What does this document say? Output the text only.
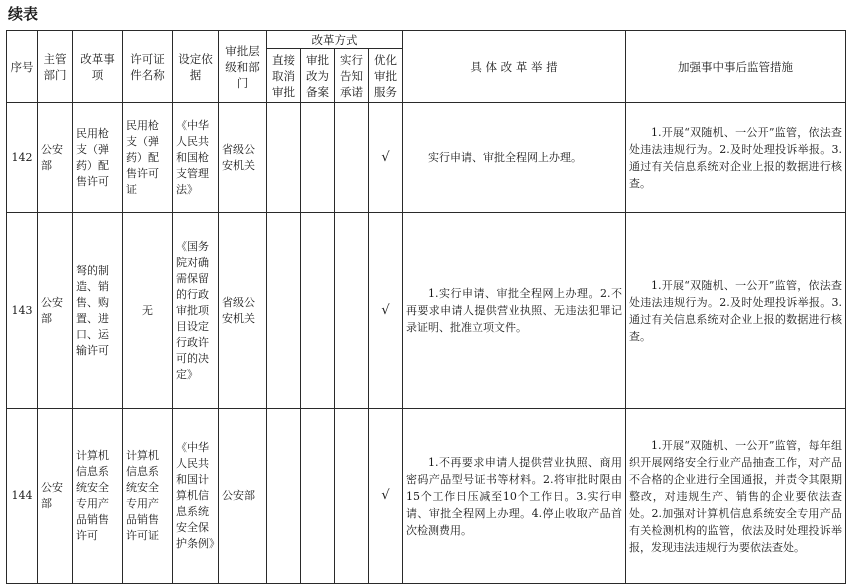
续表
序号	主管部门	改革事项	许可证件名称	设定依据	审批层级和部门	改革方式				具 体 改 革 举 措	加强事中事后监管措施
						直接取消审批	审批改为备案	实行告知承诺	优化审批服务		
142	公安部	民用枪支（弹药）配售许可	民用枪支（弹药）配售许可证	《中华人民共和国枪支管理法》	省级公安机关				√	实行申请、审批全程网上办理。	1.开展“双随机、一公开”监管，依法查处违法违规行为。2.及时处理投诉举报。3.通过有关信息系统对企业上报的数据进行核查。
143	公安部	弩的制造、销售、购置、进口、运输许可	无	《国务院对确需保留的行政审批项目设定行政许可的决定》	省级公安机关				√	1.实行申请、审批全程网上办理。2.不再要求申请人提供营业执照、无违法犯罪记录证明、批准立项文件。	1.开展“双随机、一公开”监管，依法查处违法违规行为。2.及时处理投诉举报。3.通过有关信息系统对企业上报的数据进行核查。
144	公安部	计算机信息系统安全专用产品销售许可	计算机信息系统安全专用产品销售许可证	《中华人民共和国计算机信息系统安全保护条例》	公安部				√	1.不再要求申请人提供营业执照、商用密码产品型号证书等材料。2.将审批时限由15个工作日压减至10个工作日。3.实行申请、审批全程网上办理。4.停止收取产品首次检测费用。	1.开展“双随机、一公开”监管，每年组织开展网络安全行业产品抽查工作，对产品不合格的企业进行全国通报，并责令其限期整改，对违规生产、销售的企业要依法查处。2.加强对计算机信息系统安全专用产品有关检测机构的监管，依法及时处理投诉举报，发现违法违规行为要依法查处。
